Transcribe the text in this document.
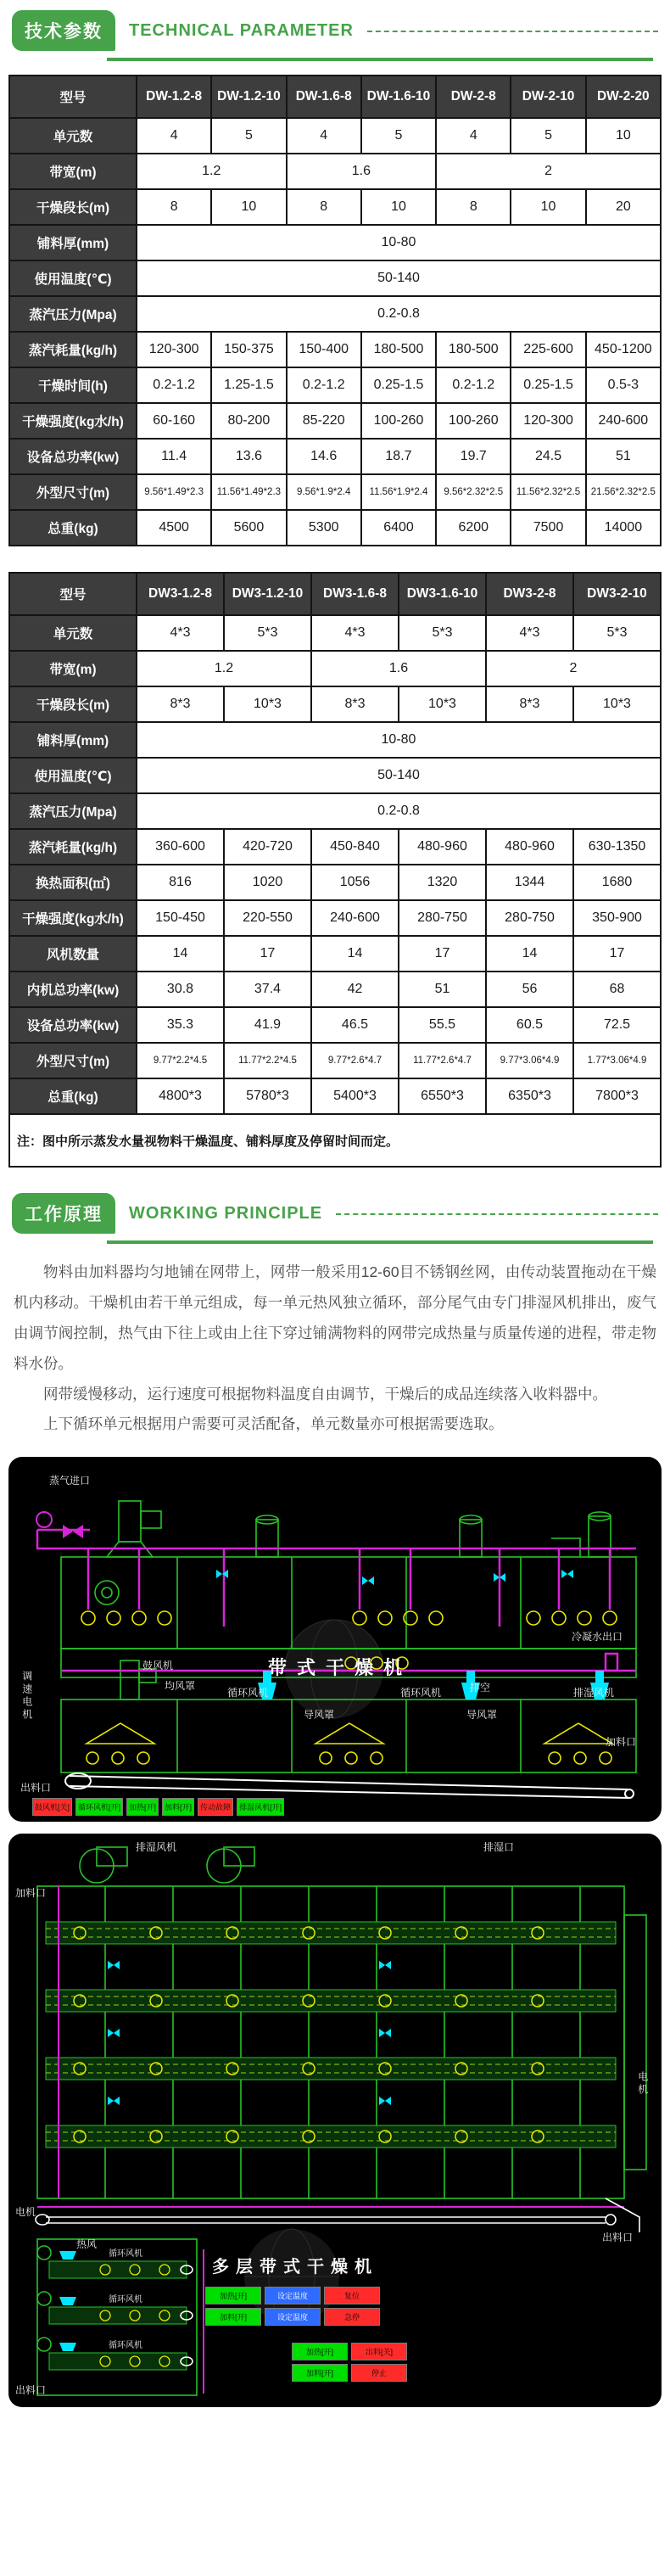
技术参数	TECHNICAL PARAMETER
型号	DW-1.2-8	DW-1.2-10	DW-1.6-8	DW-1.6-10	DW-2-8	DW-2-10	DW-2-20
单元数	4	5	4	5	4	5	10
带宽(m)	1.2		1.6		2		
干燥段长(m)	8	10	8	10	8	10	20
铺料厚(mm)	10-80						
使用温度(℃)	50-140						
蒸汽压力(Mpa)	0.2-0.8						
蒸汽耗量(kg/h)	120-300	150-375	150-400	180-500	180-500	225-600	450-1200
干燥时间(h)	0.2-1.2	1.25-1.5	0.2-1.2	0.25-1.5	0.2-1.2	0.25-1.5	0.5-3
干燥强度(kg水/h)	60-160	80-200	85-220	100-260	100-260	120-300	240-600
设备总功率(kw)	11.4	13.6	14.6	18.7	19.7	24.5	51
外型尺寸(m)	9.56*1.49*2.3	11.56*1.49*2.3	9.56*1.9*2.4	11.56*1.9*2.4	9.56*2.32*2.5	11.56*2.32*2.5	21.56*2.32*2.5
总重(kg)	4500	5600	5300	6400	6200	7500	14000
型号	DW3-1.2-8	DW3-1.2-10	DW3-1.6-8	DW3-1.6-10	DW3-2-8	DW3-2-10
单元数	4*3	5*3	4*3	5*3	4*3	5*3
带宽(m)	1.2		1.6		2	
干燥段长(m)	8*3	10*3	8*3	10*3	8*3	10*3
铺料厚(mm)	10-80					
使用温度(℃)	50-140					
蒸汽压力(Mpa)	0.2-0.8					
蒸汽耗量(kg/h)	360-600	420-720	450-840	480-960	480-960	630-1350
换热面积(㎡)	816	1020	1056	1320	1344	1680
干燥强度(kg水/h)	150-450	220-550	240-600	280-750	280-750	350-900
风机数量	14	17	14	17	14	17
内机总功率(kw)	30.8	37.4	42	51	56	68
设备总功率(kw)	35.3	41.9	46.5	55.5	60.5	72.5
外型尺寸(m)	9.77*2.2*4.5	11.77*2.2*4.5	9.77*2.6*4.7	11.77*2.6*4.7	9.77*3.06*4.9	1.77*3.06*4.9
总重(kg)	4800*3	5780*3	5400*3	6550*3	6350*3	7800*3
注：图中所示蒸发水量视物料干燥温度、铺料厚度及停留时间而定。						
工作原理	WORKING PRINCIPLE

物料由加料器均匀地铺在网带上，网带一般采用12-60目不锈钢丝网，由传动装置拖动在干燥机内移动。干燥机由若干单元组成，每一单元热风独立循环，部分尾气由专门排湿风机排出，废气由调节阀控制，热气由下往上或由上往下穿过铺满物料的网带完成热量与质量传递的进程，带走物料水份。

网带缓慢移动，运行速度可根据物料温度自由调节，干燥后的成品连续落入收料器中。

上下循环单元根据用户需要可灵活配备，单元数量亦可根据需要选取。

带式干燥机
蒸气进口
冷凝水出口
鼓风机
均风罩
循环风机
导风罩
循环风机	排空
导风罩
排湿风机
加料口
调速电机
出料口
鼓风机[关]	循环风机[开]	加热[开]	加料[开]	传动故障	排湿风机[开]
多层带式干燥机
排湿风机	排湿口
加料口
电机
热风
循环风机
循环风机
循环风机
出料口
电机
出料口
加热[开]	设定温度	复位
加料[开]	设定温度	急停
加热[开]	出料[关]
加料[开]	停止
